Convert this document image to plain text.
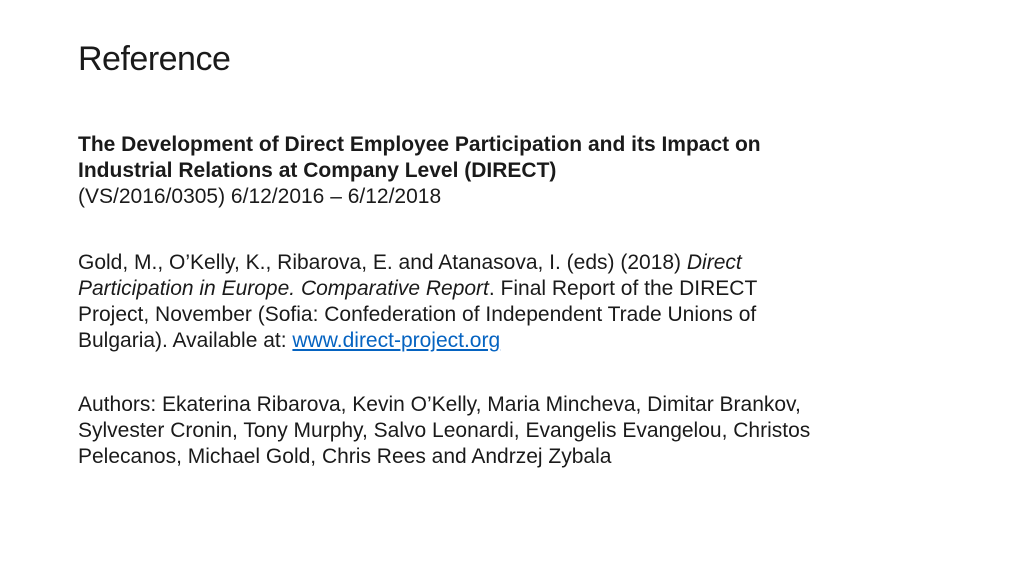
Reference
The Development of Direct Employee Participation and its Impact on
Industrial Relations at Company Level (DIRECT)
(VS/2016/0305) 6/12/2016 – 6/12/2018
Gold, M., O’Kelly, K., Ribarova, E. and Atanasova, I. (eds) (2018) Direct
Participation in Europe. Comparative Report. Final Report of the DIRECT
Project, November (Sofia: Confederation of Independent Trade Unions of
Bulgaria). Available at: www.direct-project.org
Authors: Ekaterina Ribarova, Kevin O’Kelly, Maria Mincheva, Dimitar Brankov,
Sylvester Cronin, Tony Murphy, Salvo Leonardi, Evangelis Evangelou, Christos
Pelecanos, Michael Gold, Chris Rees and Andrzej Zybala
